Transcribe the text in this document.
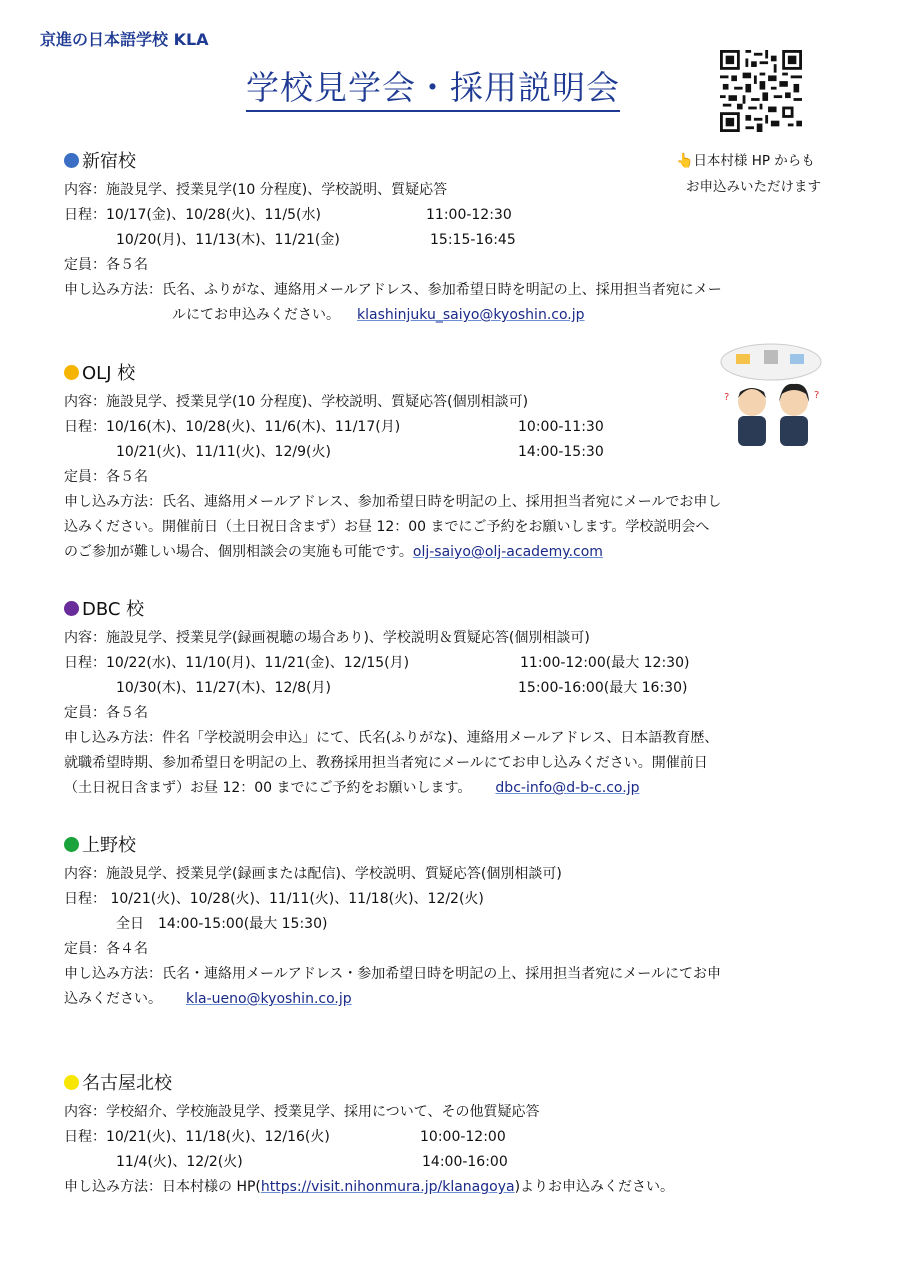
京進の日本語学校 KLA
学校見学会・採用説明会
👆日本村様 HP からも
お申込みいただけます
新宿校
内容：施設見学、授業見学(10 分程度)、学校説明、質疑応答
日程：10/17(金)、10/28(火)、11/5(水)	11:00-12:30
10/20(月)、11/13(木)、11/21(金)	15:15-16:45
定員：各５名
申し込み方法：氏名、ふりがな、連絡用メールアドレス、参加希望日時を明記の上、採用担当者宛にメー
ルにてお申込みください。　 klashinjuku_saiyo@kyoshin.co.jp
?	?
OLJ 校
内容：施設見学、授業見学(10 分程度)、学校説明、質疑応答(個別相談可)
日程：10/16(木)、10/28(火)、11/6(木)、11/17(月)	10:00-11:30
10/21(火)、11/11(火)、12/9(火)	14:00-15:30
定員：各５名
申し込み方法：氏名、連絡用メールアドレス、参加希望日時を明記の上、採用担当者宛にメールでお申し
込みください。開催前日（土日祝日含まず）お昼 12：00 までにご予約をお願いします。学校説明会へ
のご参加が難しい場合、個別相談会の実施も可能です。olj-saiyo@olj-academy.com
DBC 校
内容：施設見学、授業見学(録画視聴の場合あり)、学校説明＆質疑応答(個別相談可)
日程：10/22(水)、11/10(月)、11/21(金)、12/15(月)	11:00-12:00(最大 12:30)
10/30(木)、11/27(木)、12/8(月)	15:00-16:00(最大 16:30)
定員：各５名
申し込み方法：件名「学校説明会申込」にて、氏名(ふりがな)、連絡用メールアドレス、日本語教育歴、
就職希望時期、参加希望日を明記の上、教務採用担当者宛にメールにてお申し込みください。開催前日
（土日祝日含まず）お昼 12：00 までにご予約をお願いします。 dbc-info@d-b-c.co.jp
上野校
内容：施設見学、授業見学(録画または配信)、学校説明、質疑応答(個別相談可)
日程： 10/21(火)、10/28(火)、11/11(火)、11/18(火)、12/2(火)
全日　14:00-15:00(最大 15:30)
定員：各４名
申し込み方法：氏名・連絡用メールアドレス・参加希望日時を明記の上、採用担当者宛にメールにてお申
込みください。 kla-ueno@kyoshin.co.jp
名古屋北校
内容：学校紹介、学校施設見学、授業見学、採用について、その他質疑応答
日程：10/21(火)、11/18(火)、12/16(火)	10:00-12:00
11/4(火)、12/2(火)	14:00-16:00
申し込み方法：日本村様の HP(https://visit.nihonmura.jp/klanagoya)よりお申込みください。
